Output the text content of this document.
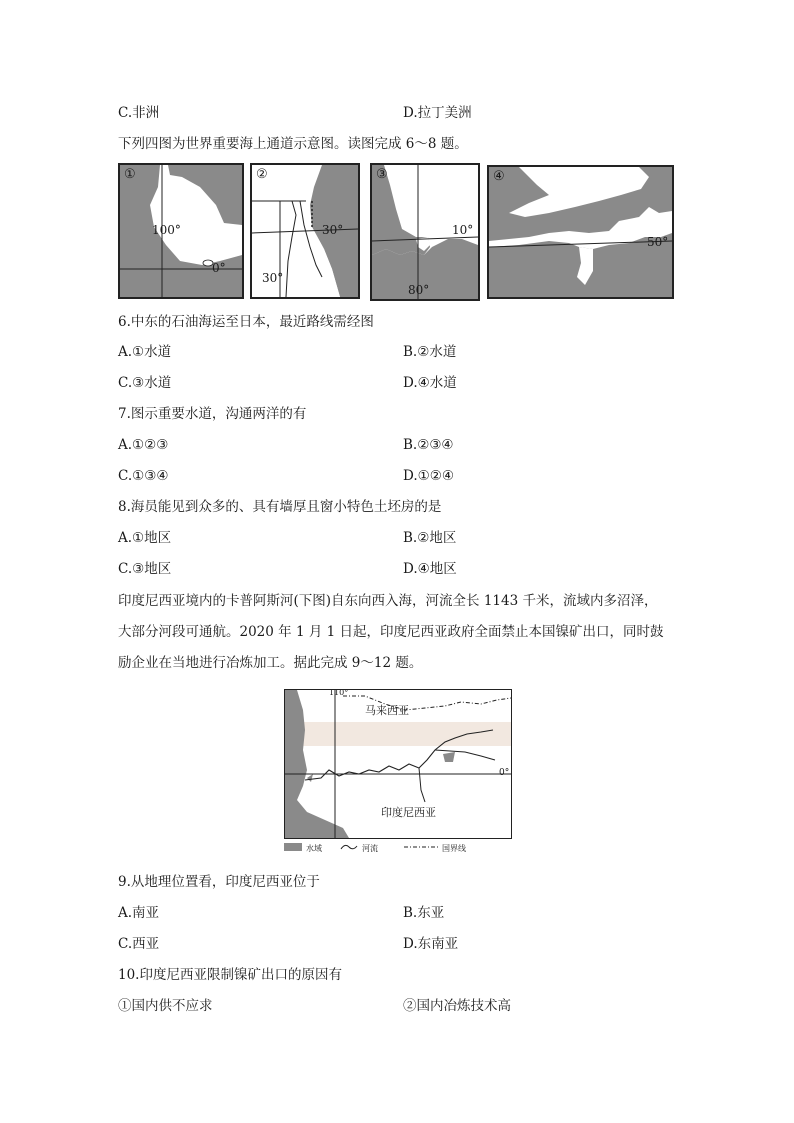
C.非洲	D.拉丁美洲
下列四图为世界重要海上通道示意图。读图完成 6～8 题。
①
100°
0°
②
30°
30°
③
10°
80°
④
50°
6.中东的石油海运至日本，最近路线需经图
A.①水道	B.②水道
C.③水道	D.④水道
7.图示重要水道，沟通两洋的有
A.①②③	B.②③④
C.①③④	D.①②④
8.海员能见到众多的、具有墙厚且窗小特色土坯房的是
A.①地区	B.②地区
C.③地区	D.④地区
印度尼西亚境内的卡普阿斯河(下图)自东向西入海，河流全长 1143 千米，流域内多沼泽，
大部分河段可通航。2020 年 1 月 1 日起，印度尼西亚政府全面禁止本国镍矿出口，同时鼓
励企业在当地进行冶炼加工。据此完成 9～12 题。
110°
0°
马来西亚
印度尼西亚
水域	河流	国界线
9.从地理位置看，印度尼西亚位于
A.南亚	B.东亚
C.西亚	D.东南亚
10.印度尼西亚限制镍矿出口的原因有
①国内供不应求	②国内冶炼技术高
